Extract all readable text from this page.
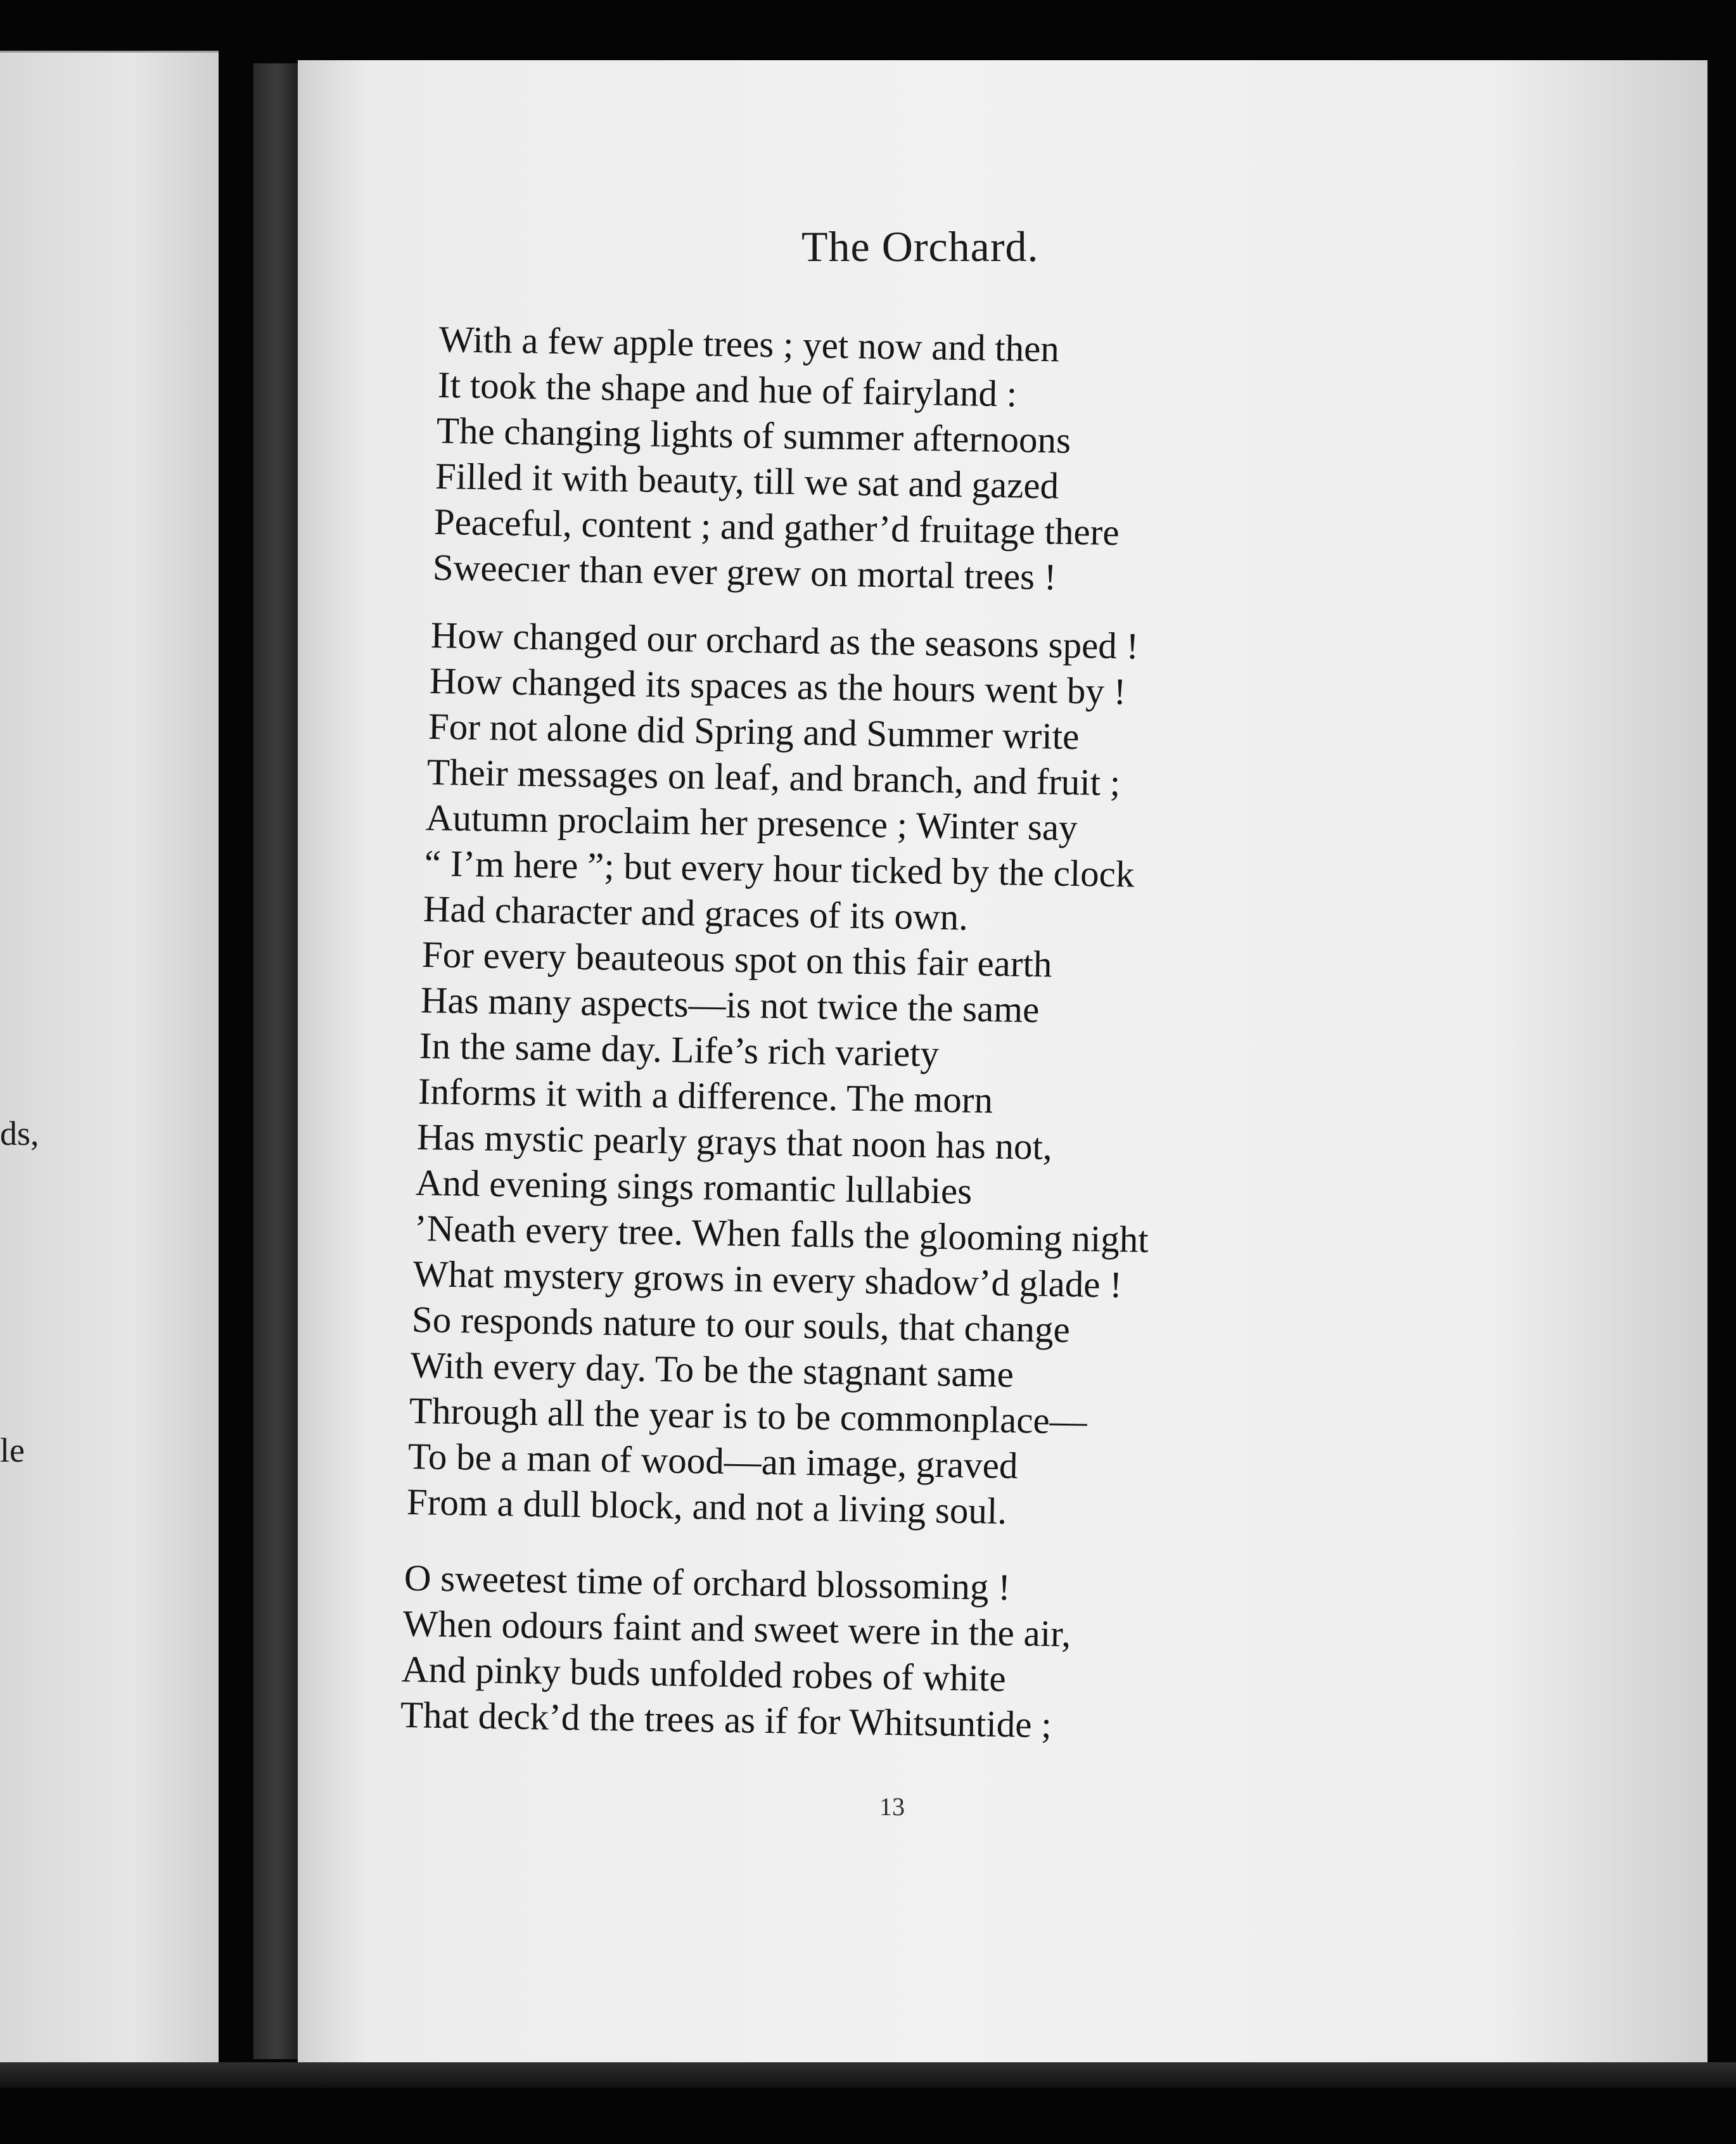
ds,
le
The Orchard.
With a few apple trees ; yet now and then
It took the shape and hue of fairyland :
The changing lights of summer afternoons
Filled it with beauty, till we sat and gazed
Peaceful, content ; and gather’d fruitage there
Sweeсıer than ever grew on mortal trees !
How changed our orchard as the seasons sped !
How changed its spaces as the hours went by !
For not alone did Spring and Summer write
Their messages on leaf, and branch, and fruit ;
Autumn proclaim her presence ; Winter say
“ I’m here ”; but every hour ticked by the clock
Had character and graces of its own.
For every beauteous spot on this fair earth
Has many aspects—is not twice the same
In the same day. Life’s rich variety
Informs it with a difference. The morn
Has mystic pearly grays that noon has not,
And evening sings romantic lullabies
’Neath every tree. When falls the glooming night
What mystery grows in every shadow’d glade !
So responds nature to our souls, that change
With every day. To be the stagnant same
Through all the year is to be commonplace—
To be a man of wood—an image, graved
From a dull block, and not a living soul.
O sweetest time of orchard blossoming !
When odours faint and sweet were in the air,
And pinky buds unfolded robes of white
That deck’d the trees as if for Whitsuntide ;
13
